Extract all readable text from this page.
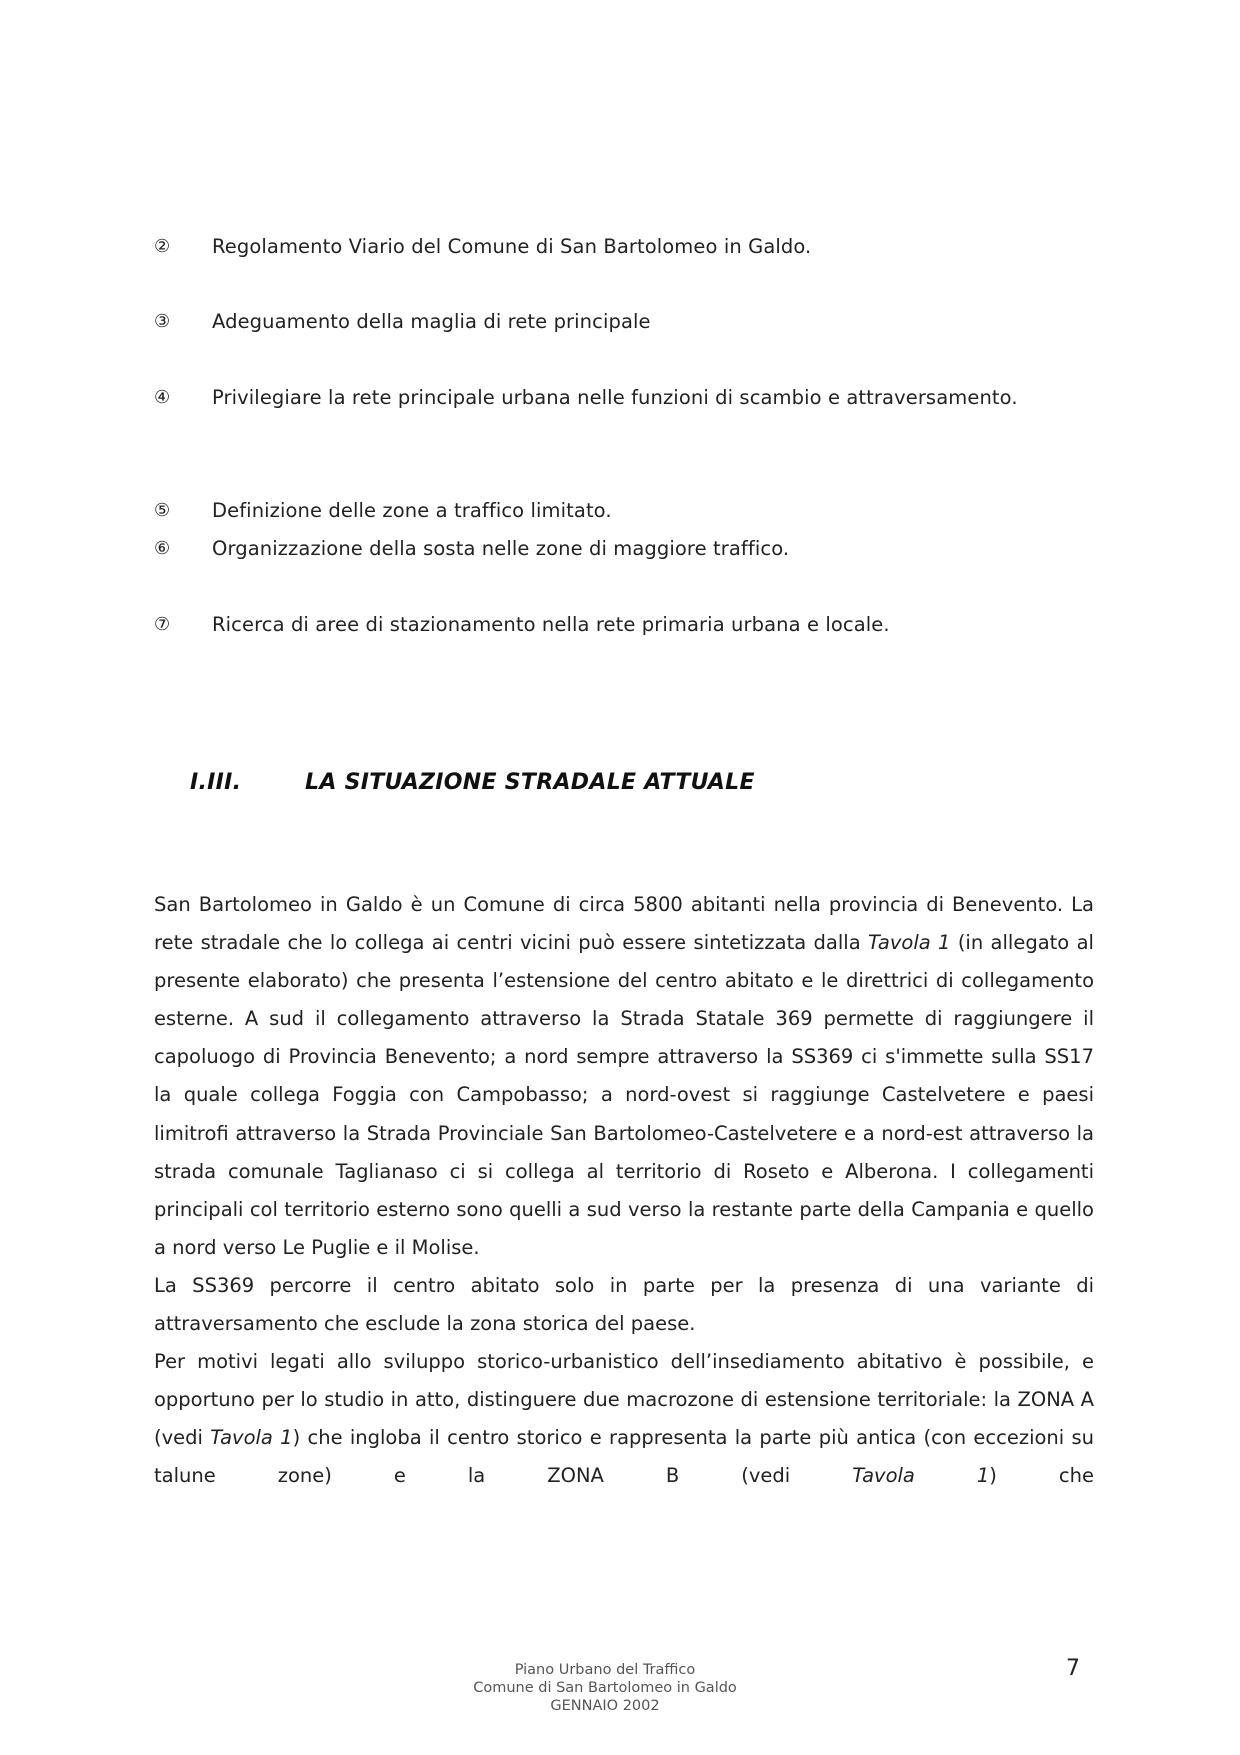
②	Regolamento Viario del Comune di San Bartolomeo in Galdo.
③	Adeguamento della maglia di rete principale
④	Privilegiare la rete principale urbana nelle funzioni di scambio e attraversamento.
⑤	Definizione delle zone a traffico limitato.
⑥	Organizzazione della sosta nelle zone di maggiore traffico.
⑦	Ricerca di aree di stazionamento nella rete primaria urbana e locale.
I.III.	LA SITUAZIONE STRADALE ATTUALE

San Bartolomeo in Galdo è un Comune di circa 5800 abitanti nella provincia di Benevento. La rete stradale che lo collega ai centri vicini può essere sintetizzata dalla Tavola 1 (in allegato al presente elaborato) che presenta l’estensione del centro abitato e le direttrici di collegamento esterne. A sud il collegamento attraverso la Strada Statale 369 permette di raggiungere il capoluogo di Provincia Benevento; a nord sempre attraverso la SS369 ci s'immette sulla SS17 la quale collega Foggia con Campobasso; a nord-ovest si raggiunge Castelvetere e paesi limitrofi attraverso la Strada Provinciale San Bartolomeo-Castelvetere e a nord-est attraverso la strada comunale Taglianaso ci si collega al territorio di Roseto e Alberona. I collegamenti principali col territorio esterno sono quelli a sud verso la restante parte della Campania e quello a nord verso Le Puglie e il Molise.

La SS369 percorre il centro abitato solo in parte per la presenza di una variante di attraversamento che esclude la zona storica del paese.

Per motivi legati allo sviluppo storico-urbanistico dell’insediamento abitativo è possibile, e opportuno per lo studio in atto, distinguere due macrozone di estensione territoriale: la ZONA A (vedi Tavola 1) che ingloba il centro storico e rappresenta la parte più antica (con eccezioni su talune zone) e la ZONA B (vedi Tavola 1) che

Piano Urbano del Traffico
Comune di San Bartolomeo in Galdo
GENNAIO 2002
7
